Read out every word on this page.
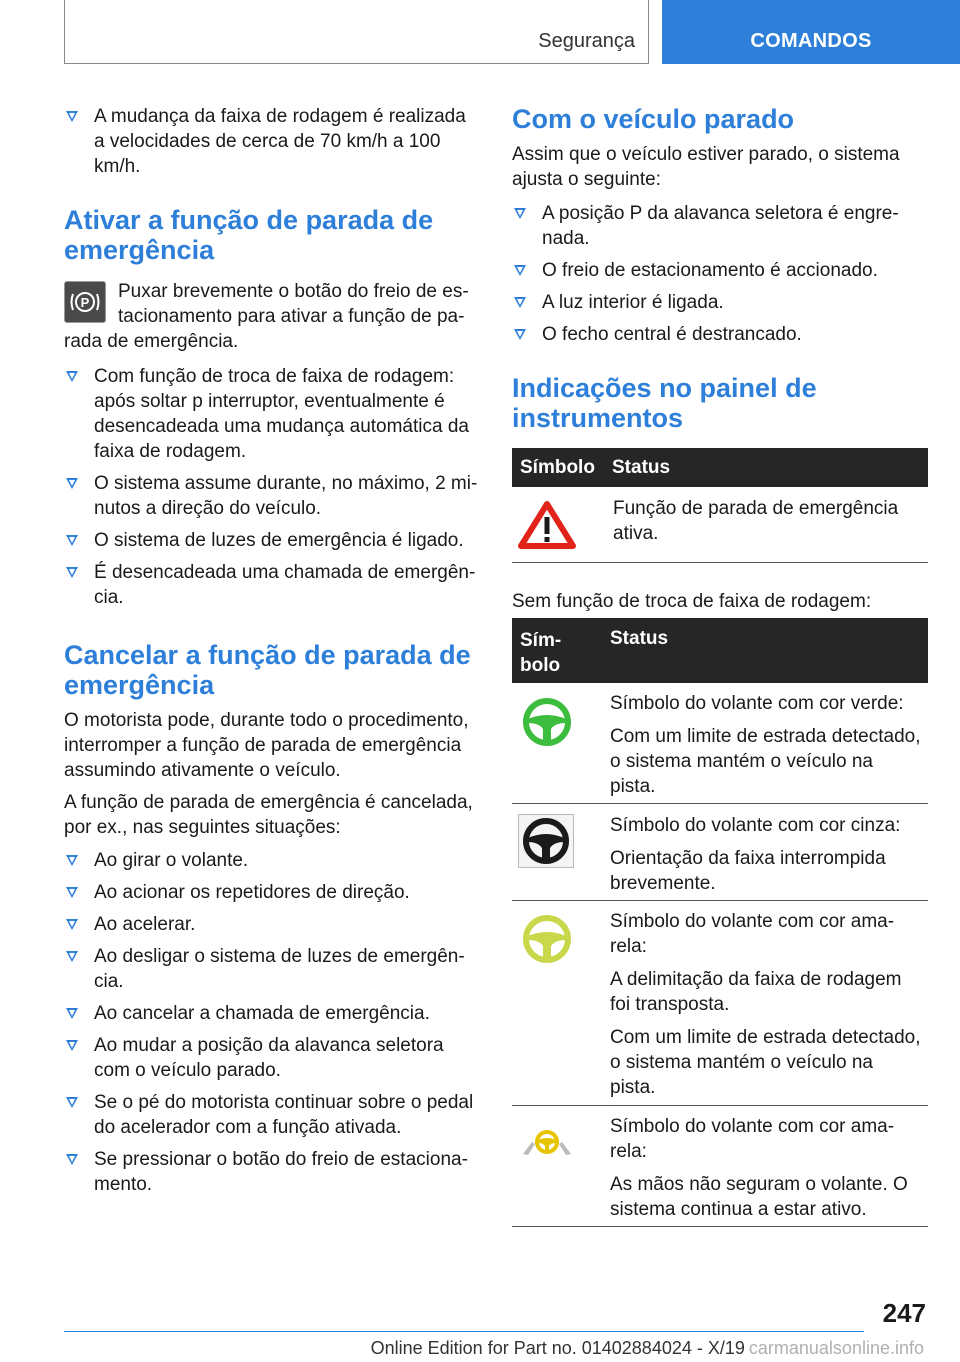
Segurança	COMANDOS
A mudança da faixa de rodagem é realizada a velocidades de cerca de 70 km/h a 100 km/h.
Ativar a função de parada de emergência
P

Puxar brevemente o botão do freio de estacionamento para ativar a função de parada de emergência.

Com função de troca de faixa de rodagem: após soltar p interruptor, eventualmente é desencadeada uma mudança automática da faixa de rodagem.
O sistema assume durante, no máximo, 2 minutos a direção do veículo.
O sistema de luzes de emergência é ligado.
É desencadeada uma chamada de emergência.
Cancelar a função de parada de emergência

O motorista pode, durante todo o procedimento, interromper a função de parada de emergência assumindo ativamente o veículo.

A função de parada de emergência é cancelada, por ex., nas seguintes situações:

Ao girar o volante.
Ao acionar os repetidores de direção.
Ao acelerar.
Ao desligar o sistema de luzes de emergência.
Ao cancelar a chamada de emergência.
Ao mudar a posição da alavanca seletora com o veículo parado.
Se o pé do motorista continuar sobre o pedal do acelerador com a função ativada.
Se pressionar o botão do freio de estacionamento.
Com o veículo parado

Assim que o veículo estiver parado, o sistema ajusta o seguinte:

A posição P da alavanca seletora é engrenada.
O freio de estacionamento é accionado.
A luz interior é ligada.
O fecho central é destrancado.
Indicações no painel de instrumentos
Símbolo Status
Função de parada de emergência ativa.
Sem função de troca de faixa de rodagem:
Símbolo
Status
Símbolo do volante com cor verde:
Com um limite de estrada detectado, o sistema mantém o veículo na pista.
Símbolo do volante com cor cinza:
Orientação da faixa interrompida brevemente.
Símbolo do volante com cor amarela:
A delimitação da faixa de rodagem foi transposta.
Com um limite de estrada detectado, o sistema mantém o veículo na pista.
Símbolo do volante com cor amarela:
As mãos não seguram o volante. O sistema continua a estar ativo.
247
Online Edition for Part no. 01402884024 - X/19 carmanualsonline.info
